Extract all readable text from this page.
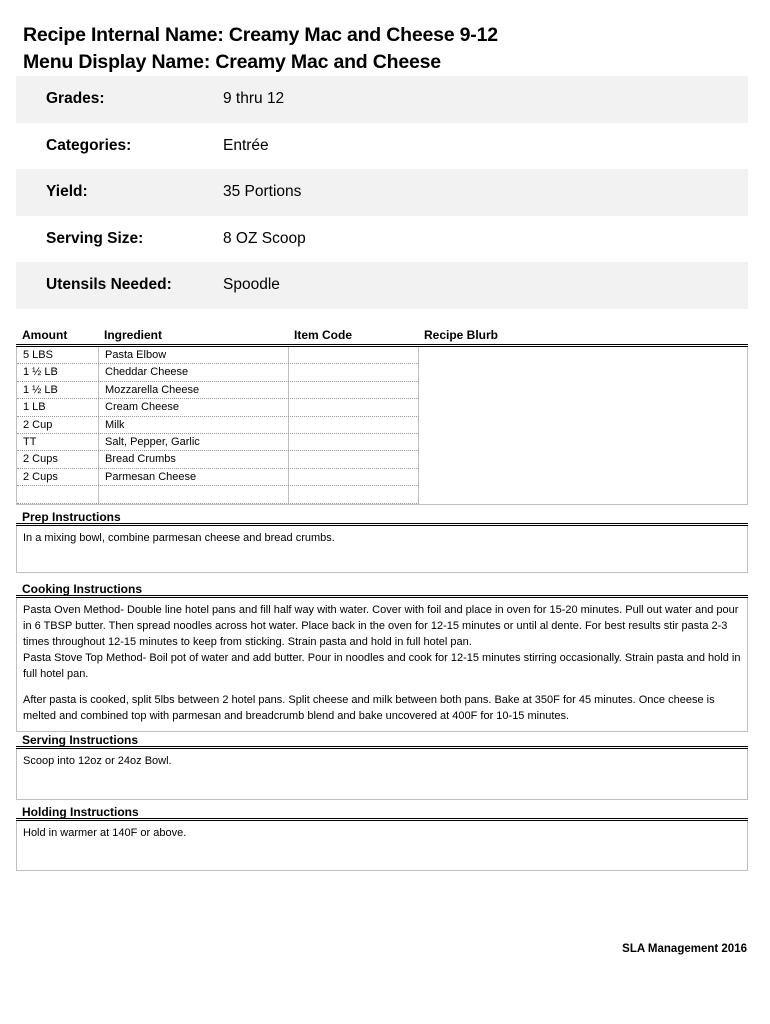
Recipe Internal Name: Creamy Mac and Cheese 9-12
Menu Display Name: Creamy Mac and Cheese
Grades:	9 thru 12
Categories:	Entrée
Yield:	35 Portions
Serving Size:	8 OZ Scoop
Utensils Needed:	Spoodle
Amount	Ingredient	Item Code	Recipe Blurb
5 LBS	Pasta Elbow
1 ½ LB	Cheddar Cheese
1 ½ LB	Mozzarella Cheese
1 LB	Cream Cheese
2 Cup	Milk
TT	Salt, Pepper, Garlic
2 Cups	Bread Crumbs
2 Cups	Parmesan Cheese
Prep Instructions

In a mixing bowl, combine parmesan cheese and bread crumbs.

Cooking Instructions

Pasta Oven Method- Double line hotel pans and fill half way with water. Cover with foil and place in oven for 15-20 minutes. Pull out water and pour in 6 TBSP butter. Then spread noodles across hot water. Place back in the oven for 12-15 minutes or until al dente. For best results stir pasta 2-3 times throughout 12-15 minutes to keep from sticking. Strain pasta and hold in full hotel pan.

Pasta Stove Top Method- Boil pot of water and add butter. Pour in noodles and cook for 12-15 minutes stirring occasionally. Strain pasta and hold in full hotel pan.

After pasta is cooked, split 5lbs between 2 hotel pans. Split cheese and milk between both pans. Bake at 350F for 45 minutes. Once cheese is melted and combined top with parmesan and breadcrumb blend and bake uncovered at 400F for 10-15 minutes.

Serving Instructions

Scoop into 12oz or 24oz Bowl.

Holding Instructions

Hold in warmer at 140F or above.

SLA Management 2016
